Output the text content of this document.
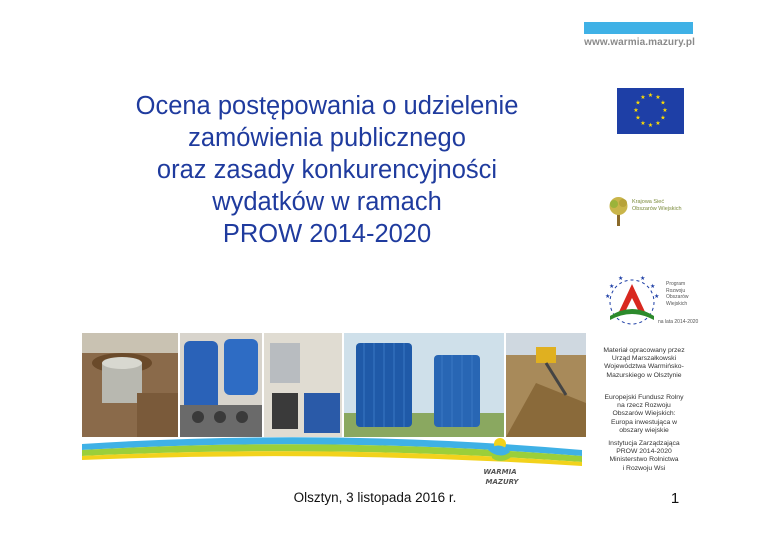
www.warmia.mazury.pl
Ocena postępowania o udzielenie
zamówienia publicznego
oraz zasady konkurencyjności
wydatków w ramach
PROW 2014-2020
★ ★
★
★
★
★
★
★
★
★
★
★
Krajowa Sieć
Obszarów Wiejskich
★
★
★	★
★
★
Program
Rozwoju
Obszarów
Wiejskich
na lata 2014-2020
Materiał opracowany przez
Urząd Marszałkowski
Województwa Warmińsko-
Mazurskiego w Olsztynie
Europejski Fundusz Rolny
na rzecz Rozwoju
Obszarów Wiejskich:
Europa inwestująca w
obszary wiejskie
Instytucja Zarządzająca
PROW 2014-2020
Ministerstwo Rolnictwa
i Rozwoju Wsi
WARMIA
MAZURY
Olsztyn, 3 listopada 2016 r.	1
